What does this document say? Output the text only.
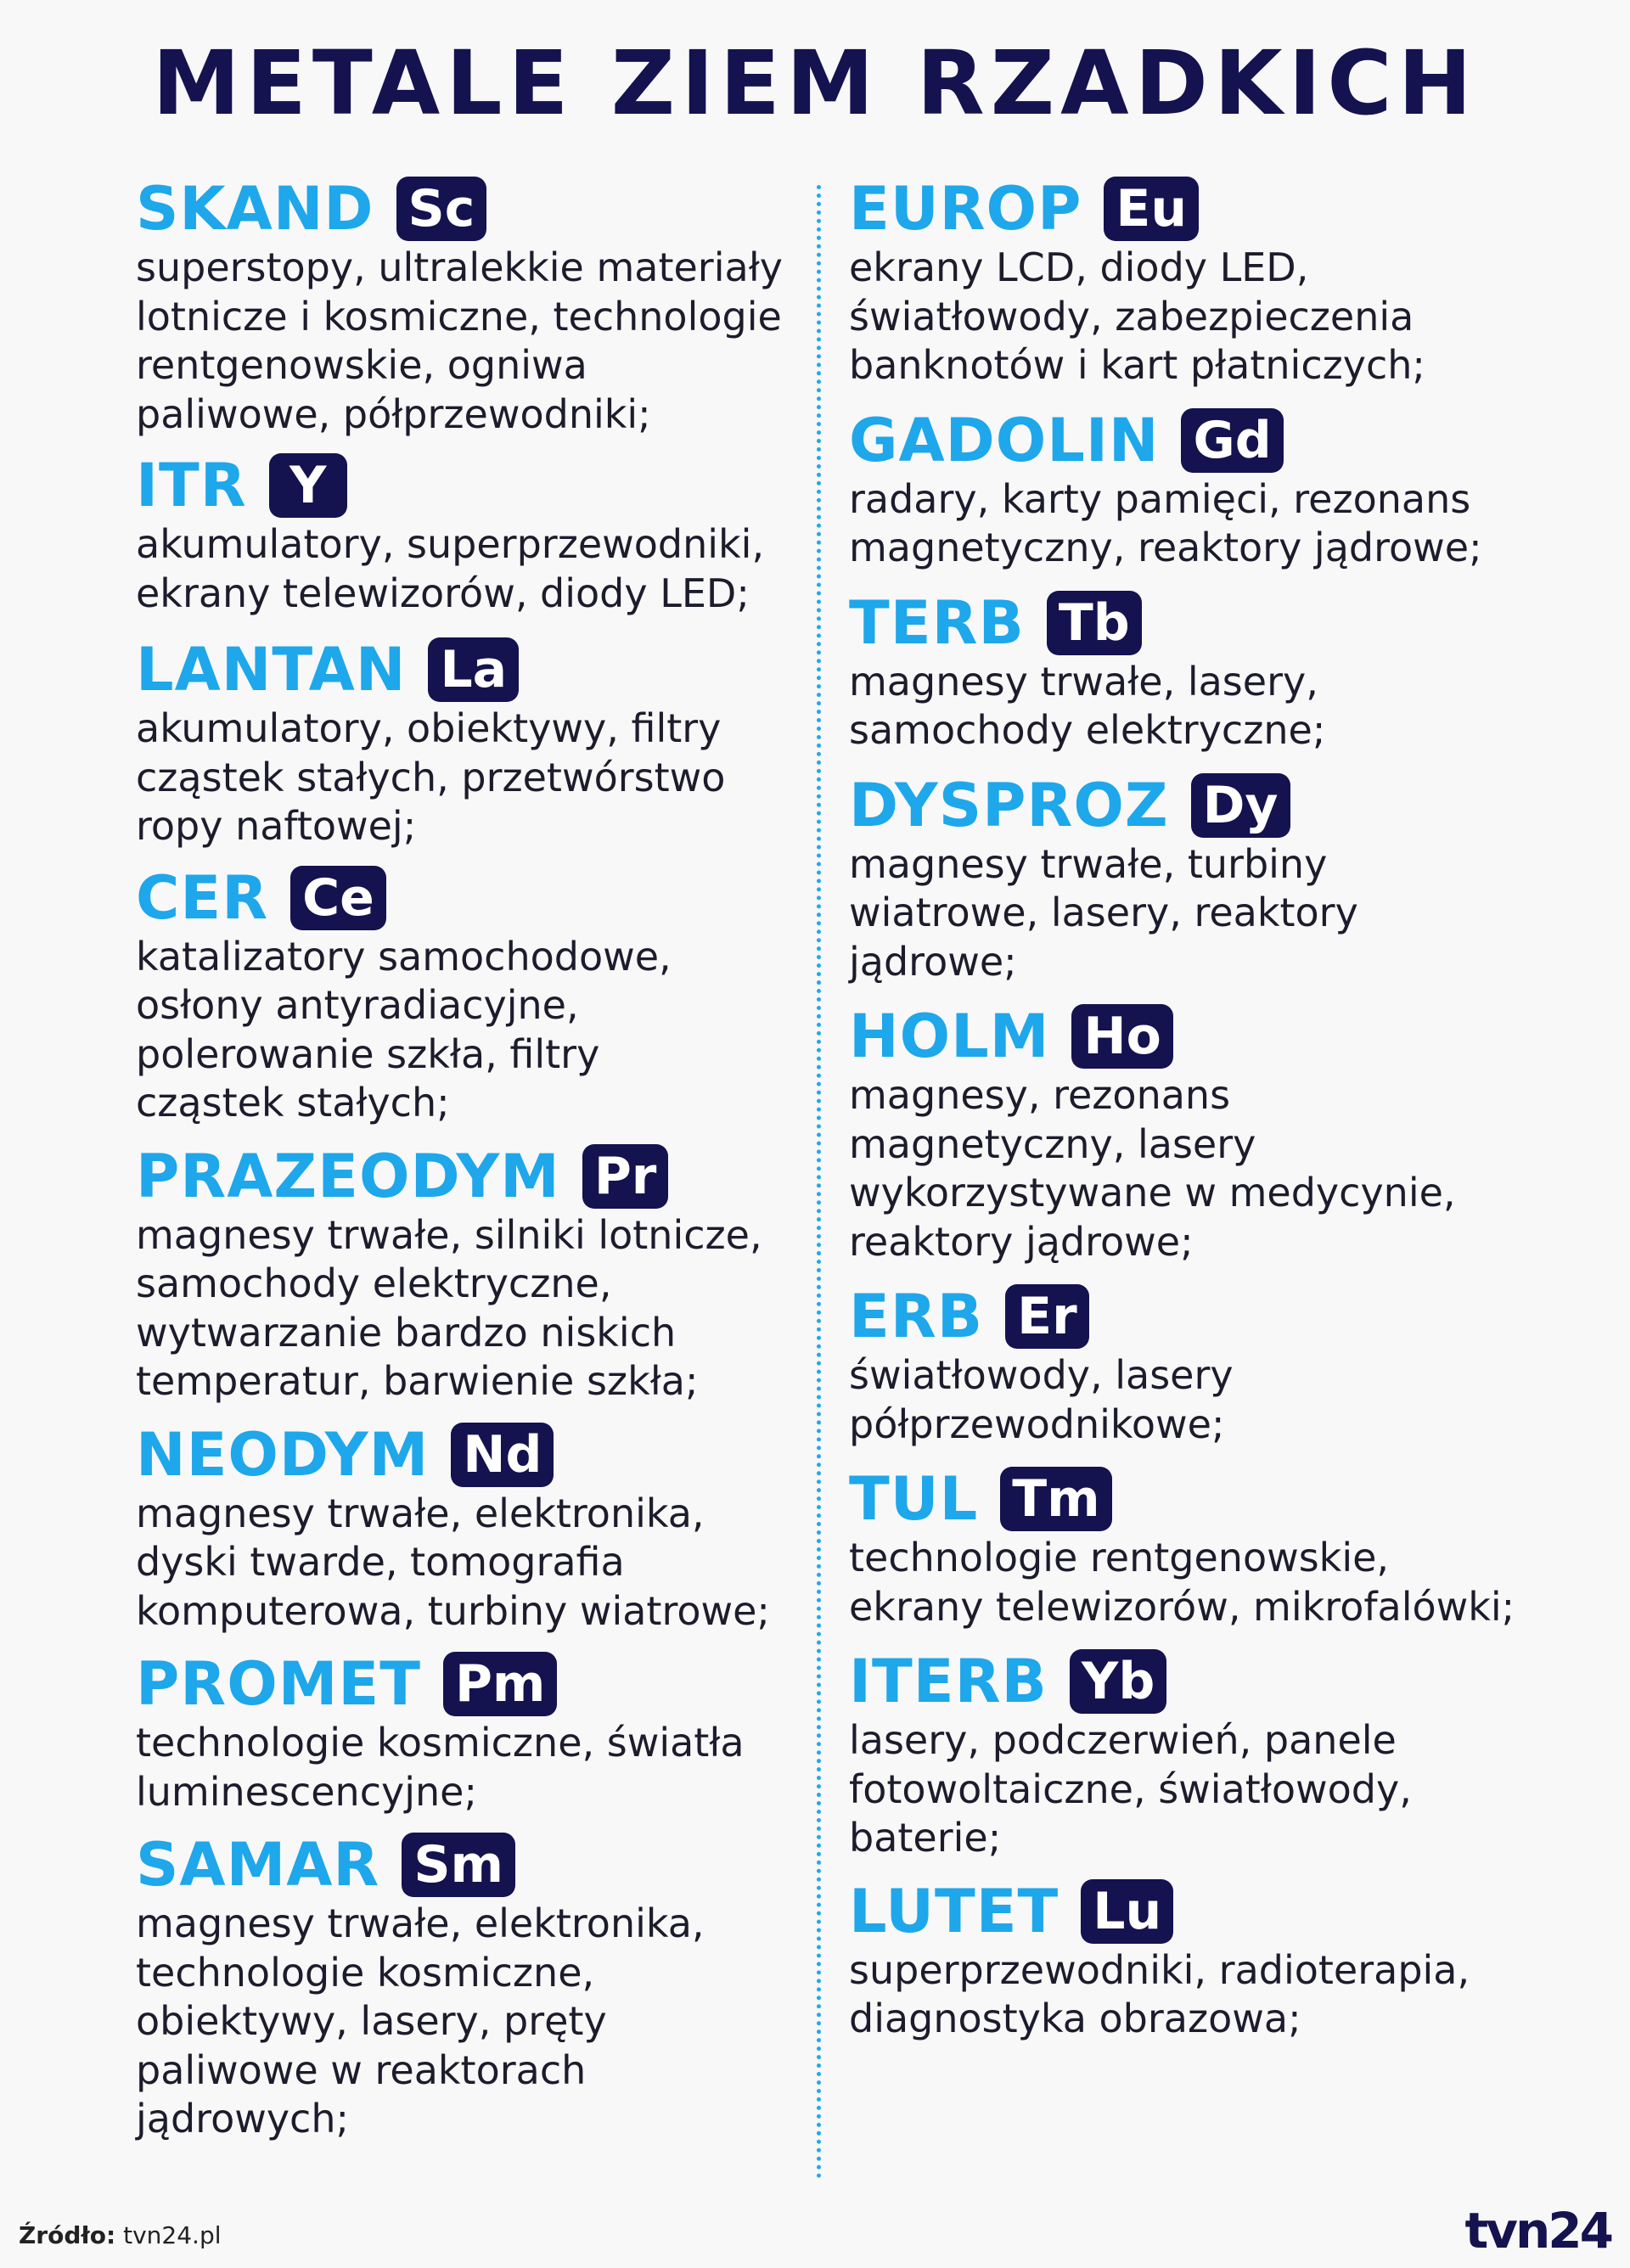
METALE ZIEM RZADKICH
SKAND Sc
superstopy, ultralekkie materiały
lotnicze i kosmiczne, technologie
rentgenowskie, ogniwa
paliwowe, półprzewodniki;
ITR Y
akumulatory, superprzewodniki,
ekrany telewizorów, diody LED;
LANTAN La
akumulatory, obiektywy, filtry
cząstek stałych, przetwórstwo
ropy naftowej;
CER Ce
katalizatory samochodowe,
osłony antyradiacyjne,
polerowanie szkła, filtry
cząstek stałych;
PRAZEODYM Pr
magnesy trwałe, silniki lotnicze,
samochody elektryczne,
wytwarzanie bardzo niskich
temperatur, barwienie szkła;
NEODYM Nd
magnesy trwałe, elektronika,
dyski twarde, tomografia
komputerowa, turbiny wiatrowe;
PROMET Pm
technologie kosmiczne, światła
luminescencyjne;
SAMAR Sm
magnesy trwałe, elektronika,
technologie kosmiczne,
obiektywy, lasery, pręty
paliwowe w reaktorach
jądrowych;
EUROP Eu
ekrany LCD, diody LED,
światłowody, zabezpieczenia
banknotów i kart płatniczych;
GADOLIN Gd
radary, karty pamięci, rezonans
magnetyczny, reaktory jądrowe;
TERB Tb
magnesy trwałe, lasery,
samochody elektryczne;
DYSPROZ Dy
magnesy trwałe, turbiny
wiatrowe, lasery, reaktory
jądrowe;
HOLM Ho
magnesy, rezonans
magnetyczny, lasery
wykorzystywane w medycynie,
reaktory jądrowe;
ERB Er
światłowody, lasery
półprzewodnikowe;
TUL Tm
technologie rentgenowskie,
ekrany telewizorów, mikrofalówki;
ITERB Yb
lasery, podczerwień, panele
fotowoltaiczne, światłowody,
baterie;
LUTET Lu
superprzewodniki, radioterapia,
diagnostyka obrazowa;
Źródło: tvn24.pl	tvn24
